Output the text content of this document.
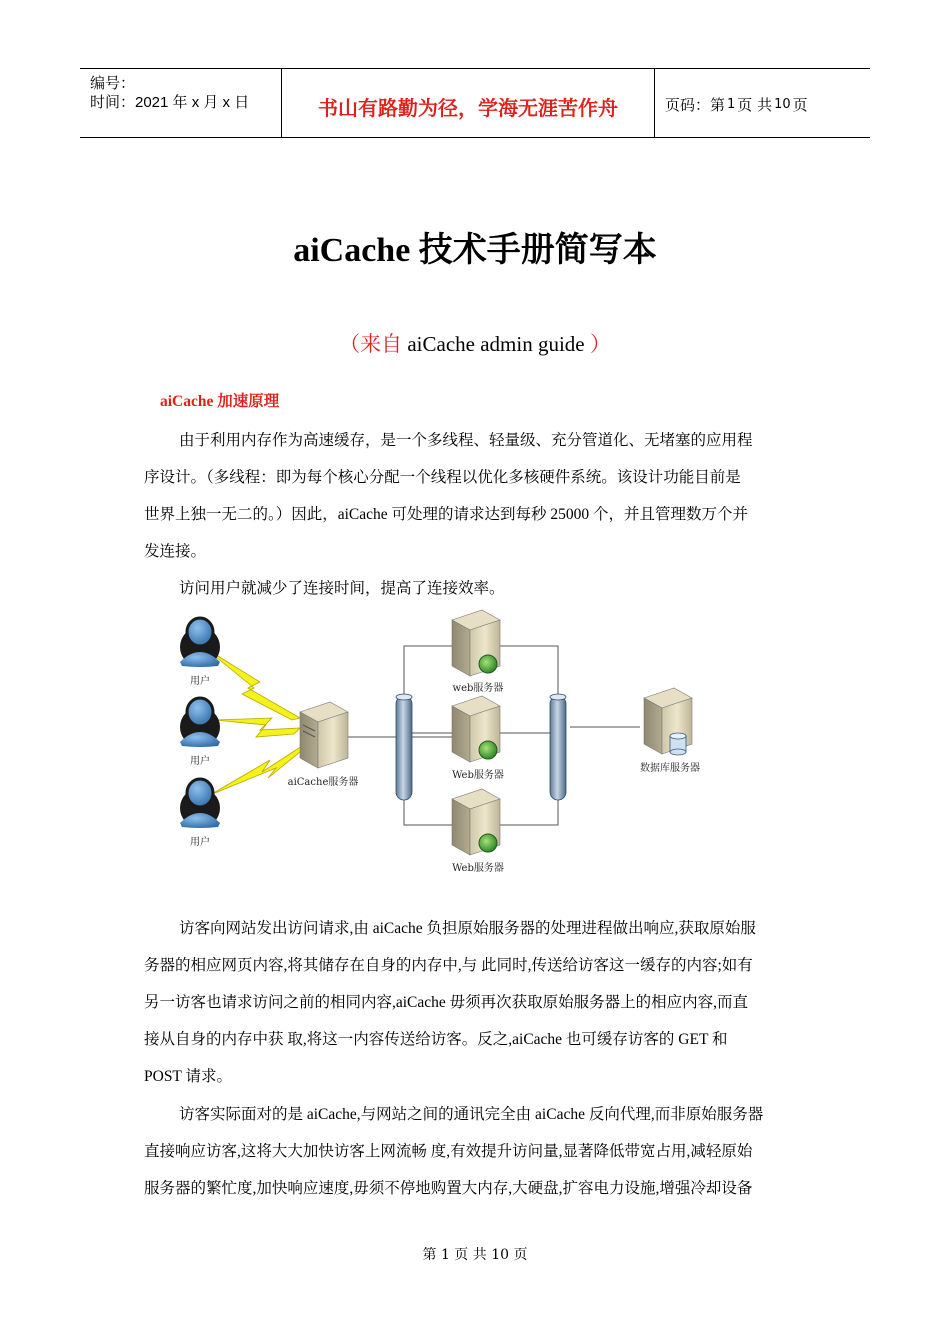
编号：
时间：2021 年 x 月 x 日	书山有路勤为径，学海无涯苦作舟	页码：第 1 页 共 10 页
aiCache 技术手册简写本
（来自 aiCache admin guide ）
aiCache 加速原理
由于利用内存作为高速缓存，是一个多线程、轻量级、充分管道化、无堵塞的应用程
序设计。（多线程：即为每个核心分配一个线程以优化多核硬件系统。该设计功能目前是
世界上独一无二的。）因此，aiCache 可处理的请求达到每秒 25000 个，并且管理数万个并
发连接。
访问用户就减少了连接时间，提高了连接效率。
用户
用户
用户
aiCache服务器
web服务器
Web服务器
Web服务器
数据库服务器
访客向网站发出访问请求,由 aiCache 负担原始服务器的处理进程做出响应,获取原始服
务器的相应网页内容,将其储存在自身的内存中,与 此同时,传送给访客这一缓存的内容;如有
另一访客也请求访问之前的相同内容,aiCache 毋须再次获取原始服务器上的相应内容,而直
接从自身的内存中获 取,将这一内容传送给访客。反之,aiCache 也可缓存访客的 GET 和
POST 请求。
访客实际面对的是 aiCache,与网站之间的通讯完全由 aiCache 反向代理,而非原始服务器
直接响应访客,这将大大加快访客上网流畅 度,有效提升访问量,显著降低带宽占用,减轻原始
服务器的繁忙度,加快响应速度,毋须不停地购置大内存,大硬盘,扩容电力设施,增强冷却设备
第 1 页 共 10 页
